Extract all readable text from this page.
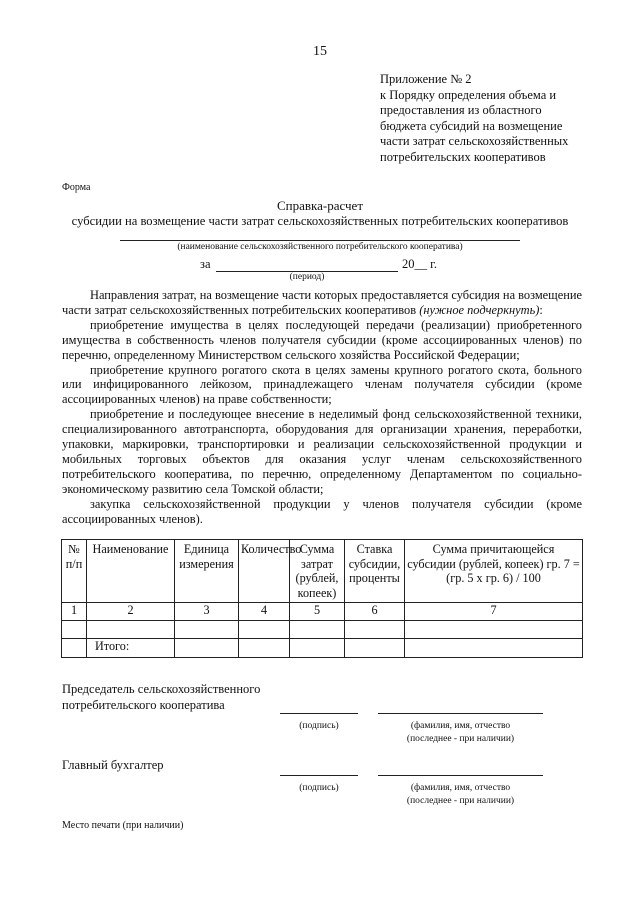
15
Приложение № 2
к Порядку определения объема и
предоставления из областного
бюджета субсидий на возмещение
части затрат сельскохозяйственных
потребительских кооперативов
Форма
Справка-расчет
субсидии на возмещение части затрат сельскохозяйственных потребительских кооперативов
(наименование сельскохозяйственного потребительского кооператива)
за	20__ г.
(период)

Направления затрат, на возмещение части которых предоставляется субсидия на возмещение части затрат сельскохозяйственных потребительских кооперативов (нужное подчеркнуть):

приобретение имущества в целях последующей передачи (реализации) приобретенного имущества в собственность членов получателя субсидии (кроме ассоциированных членов) по перечню, определенному Министерством сельского хозяйства Российской Федерации;

приобретение крупного рогатого скота в целях замены крупного рогатого скота, больного или инфицированного лейкозом, принадлежащего членам получателя субсидии (кроме ассоциированных членов) на праве собственности;

приобретение и последующее внесение в неделимый фонд сельскохозяйственной техники, специализированного автотранспорта, оборудования для организации хранения, переработки, упаковки, маркировки, транспортировки и реализации сельскохозяйственной продукции и мобильных торговых объектов для оказания услуг членам сельскохозяйственного потребительского кооператива, по перечню, определенному Департаментом по социально-экономическому развитию села Томской области;

закупка сельскохозяйственной продукции у членов получателя субсидии (кроме ассоциированных членов).

№ п/п	Наименование	Единица измерения	Количество	Сумма затрат (рублей, копеек)	Ставка субсидии, проценты	Сумма причитающейся субсидии (рублей, копеек) гр. 7 = (гр. 5 x гр. 6) / 100
1	2	3	4	5	6	7

	Итого:					
Председатель сельскохозяйственного потребительского кооператива
(подпись)	(фамилия, имя, отчество
(последнее - при наличии)
Главный бухгалтер
(подпись)	(фамилия, имя, отчество
(последнее - при наличии)
Место печати (при наличии)
